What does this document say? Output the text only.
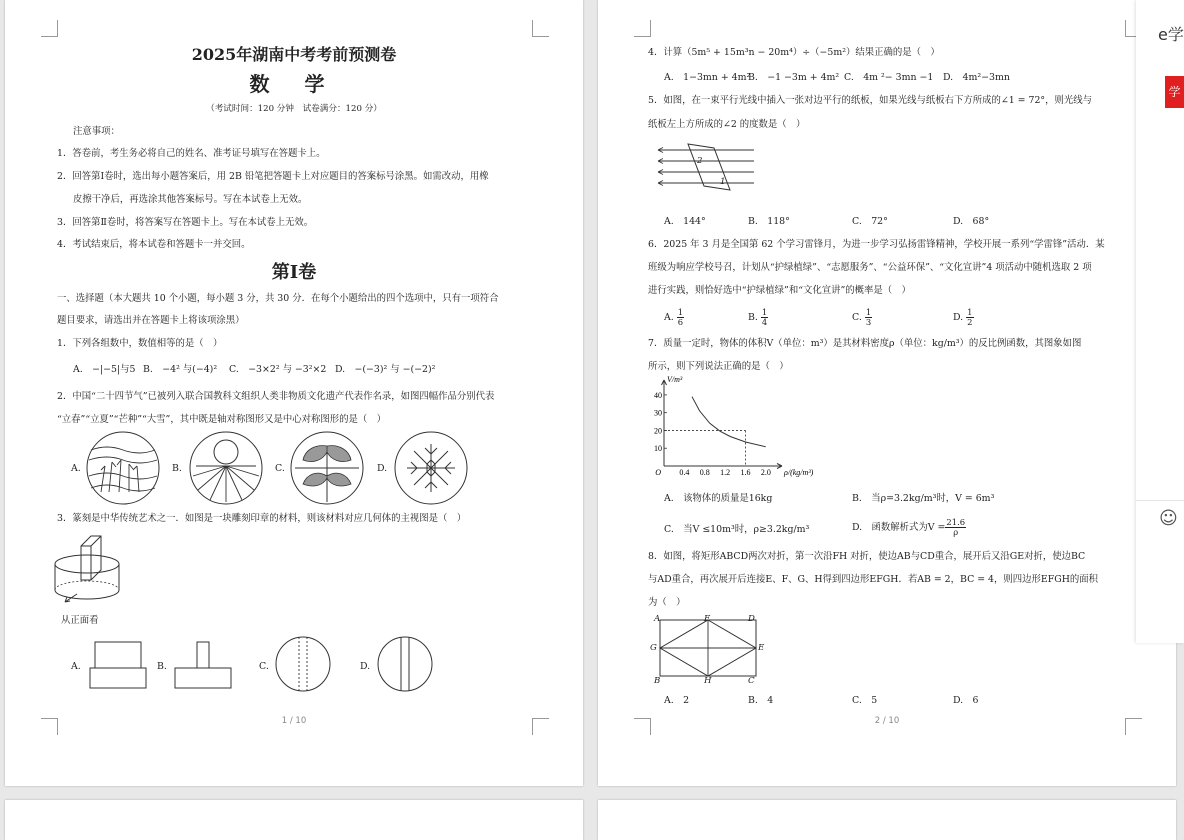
2025年湖南中考考前预测卷
数 学
（考试时间：120 分钟　试卷满分：120 分）
注意事项：
1．答卷前，考生务必将自己的姓名、准考证号填写在答题卡上。
2．回答第Ⅰ卷时，选出每小题答案后，用 2B 铅笔把答题卡上对应题目的答案标号涂黑。如需改动，用橡
皮擦干净后，再选涂其他答案标号。写在本试卷上无效。
3．回答第Ⅱ卷时，将答案写在答题卡上。写在本试卷上无效。
4．考试结束后，将本试卷和答题卡一并交回。
第Ⅰ卷
一、选择题（本大题共 10 个小题，每小题 3 分，共 30 分．在每个小题给出的四个选项中，只有一项符合
题目要求，请选出并在答题卡上将该项涂黑）
1．下列各组数中，数值相等的是（　）
A.　−|−5|与5 B.　−4² 与(−4)² C.　−3×2² 与 −3²×2 D.　−(−3)² 与 −(−2)²
2．中国“二十四节气”已被列入联合国教科文组织人类非物质文化遗产代表作名录，如图四幅作品分别代表
“立春”“立夏”“芒种”“大雪”，其中既是轴对称图形又是中心对称图形的是（　）
A.	B.	C.	D.
3．篆刻是中华传统艺术之一．如图是一块雕刻印章的材料，则该材料对应几何体的主视图是（　）
从正面看
A.	B.	C.	D.
1 / 10
4．计算（5m⁵ + 15m³n − 20m⁴）÷（−5m²）结果正确的是（　）
A.　1−3mn + 4m²
B.　−1 −3m + 4m² C.　4m ²− 3mn −1 D.　4m²−3mn
5．如图，在一束平行光线中插入一张对边平行的纸板，如果光线与纸板右下方所成的∠1 = 72°，则光线与
纸板左上方所成的∠2 的度数是（　）
2
1
A.　144°	B.　118°	C.　72°	D.　68°
6．2025 年 3 月是全国第 62 个学习雷锋月，为进一步学习弘扬雷锋精神，学校开展一系列“学雷锋”活动．某
班级为响应学校号召，计划从“护绿植绿”、“志愿服务”、“公益环保”、“文化宣讲”4 项活动中随机选取 2 项
进行实践，则恰好选中“护绿植绿”和“文化宣讲”的概率是（　）
A. $\frac{1}{6}$	B. $\frac{1}{4}$	C. $\frac{1}{3}$	D. $\frac{1}{2}$
7．质量一定时，物体的体积V（单位：m³）是其材料密度ρ（单位：kg/m³）的反比例函数，其图象如图
所示，则下列说法正确的是（　）
0.4 0.8 1.2 1.6 2.0
10
20
30
40
O
V/m³
ρ/(kg/m³)
A.　该物体的质量是16kg	B.　当ρ=3.2kg/m³时，V = 6m³
C.　当V ≤10m³时，ρ≥3.2kg/m³	D.　函数解析式为$V = \frac{21.6}{\rho}$
8．如图，将矩形ABCD两次对折，第一次沿FH 对折，使边AB与CD重合，展开后又沿GE对折，使边BC
与AD重合，再次展开后连接E、F、G、H得到四边形EFGH．若AB = 2，BC = 4，则四边形EFGH的面积
为（　）
A	F	D
G	E
B	H	C
A.　2	B.　4	C.　5	D.　6
2 / 10
e学
学
☺
